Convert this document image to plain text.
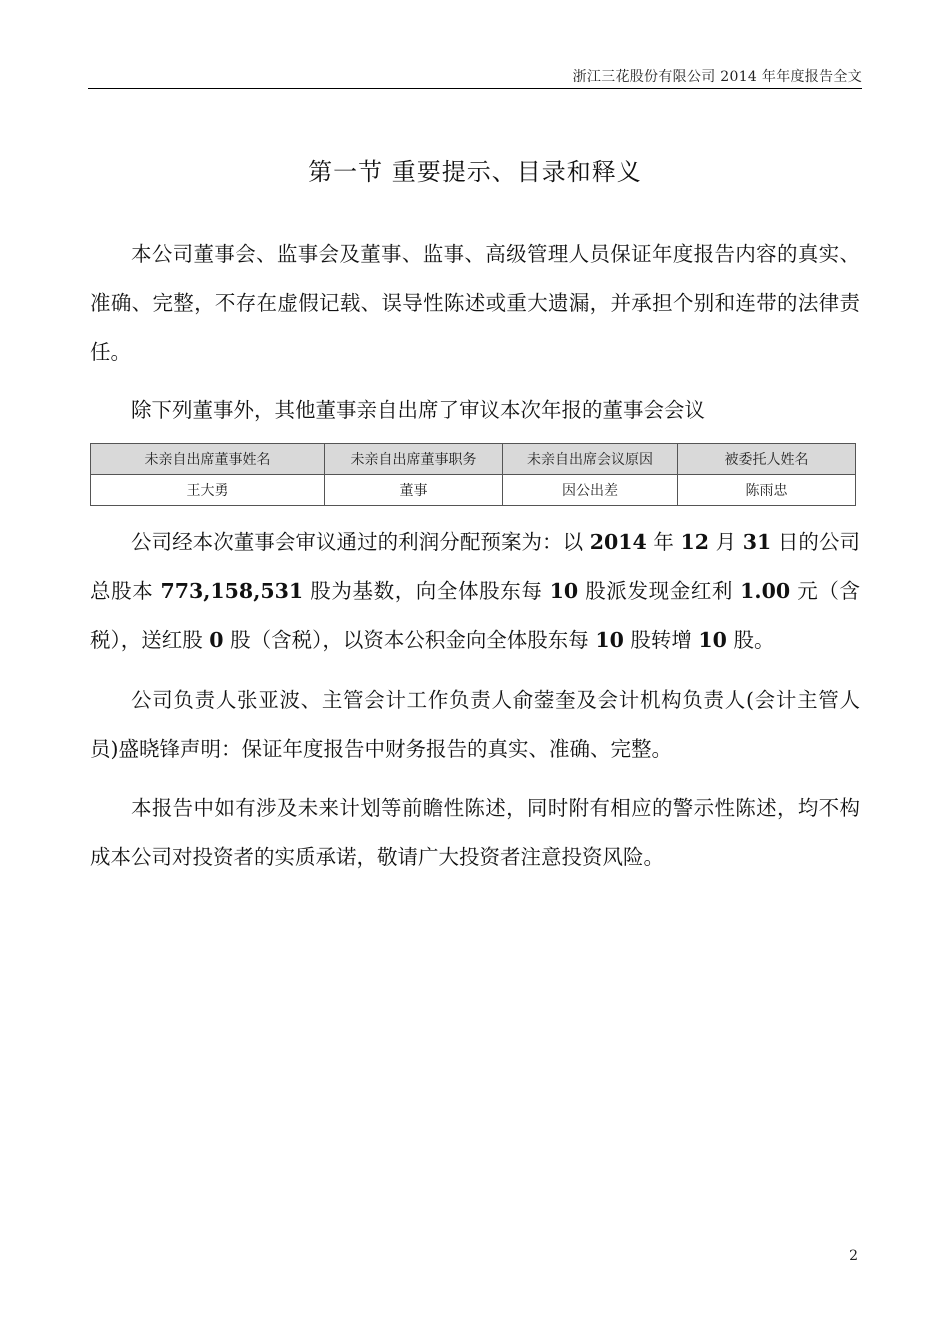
浙江三花股份有限公司 2014 年年度报告全文
第一节 重要提示、目录和释义
本公司董事会、监事会及董事、监事、高级管理人员保证年度报告内容的真实、准确、完整，不存在虚假记载、误导性陈述或重大遗漏，并承担个别和连带的法律责任。
除下列董事外，其他董事亲自出席了审议本次年报的董事会会议
未亲自出席董事姓名	未亲自出席董事职务	未亲自出席会议原因	被委托人姓名
王大勇	董事	因公出差	陈雨忠
公司经本次董事会审议通过的利润分配预案为：以 2014 年 12 月 31 日的公司总股本 773,158,531 股为基数，向全体股东每 10 股派发现金红利 1.00 元（含税），送红股 0 股（含税），以资本公积金向全体股东每 10 股转增 10 股。
公司负责人张亚波、主管会计工作负责人俞蓥奎及会计机构负责人(会计主管人员)盛晓锋声明：保证年度报告中财务报告的真实、准确、完整。
本报告中如有涉及未来计划等前瞻性陈述，同时附有相应的警示性陈述，均不构成本公司对投资者的实质承诺，敬请广大投资者注意投资风险。
2
